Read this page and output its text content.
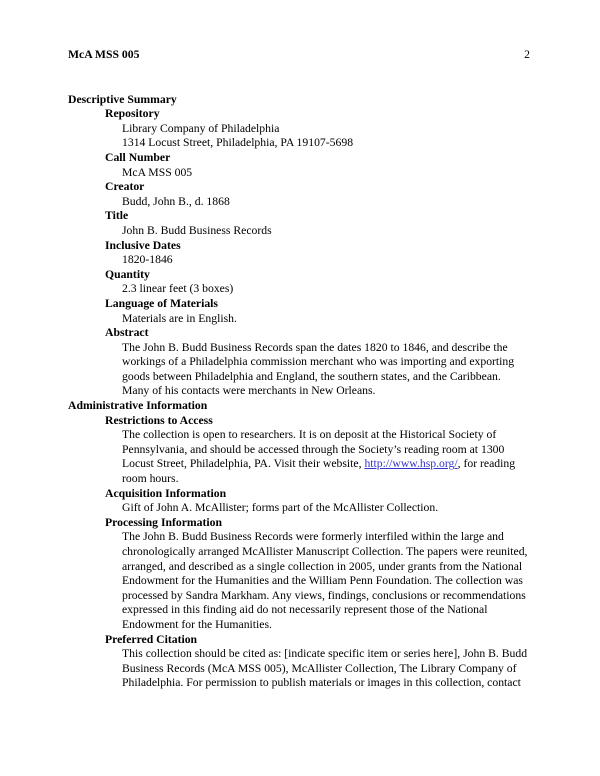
McA MSS 005	2
Descriptive Summary
Repository
Library Company of Philadelphia
1314 Locust Street, Philadelphia, PA 19107-5698
Call Number
McA MSS 005
Creator
Budd, John B., d. 1868
Title
John B. Budd Business Records
Inclusive Dates
1820-1846
Quantity
2.3 linear feet (3 boxes)
Language of Materials
Materials are in English.
Abstract
The John B. Budd Business Records span the dates 1820 to 1846, and describe the workings of a Philadelphia commission merchant who was importing and exporting goods between Philadelphia and England, the southern states, and the Caribbean. Many of his contacts were merchants in New Orleans.
Administrative Information
Restrictions to Access
The collection is open to researchers. It is on deposit at the Historical Society of Pennsylvania, and should be accessed through the Society’s reading room at 1300 Locust Street, Philadelphia, PA. Visit their website, http://www.hsp.org/, for reading room hours.
Acquisition Information
Gift of John A. McAllister; forms part of the McAllister Collection.
Processing Information
The John B. Budd Business Records were formerly interfiled within the large and chronologically arranged McAllister Manuscript Collection. The papers were reunited, arranged, and described as a single collection in 2005, under grants from the National Endowment for the Humanities and the William Penn Foundation. The collection was processed by Sandra Markham. Any views, findings, conclusions or recommendations expressed in this finding aid do not necessarily represent those of the National Endowment for the Humanities.
Preferred Citation
This collection should be cited as: [indicate specific item or series here], John B. Budd Business Records (McA MSS 005), McAllister Collection, The Library Company of Philadelphia. For permission to publish materials or images in this collection, contact
